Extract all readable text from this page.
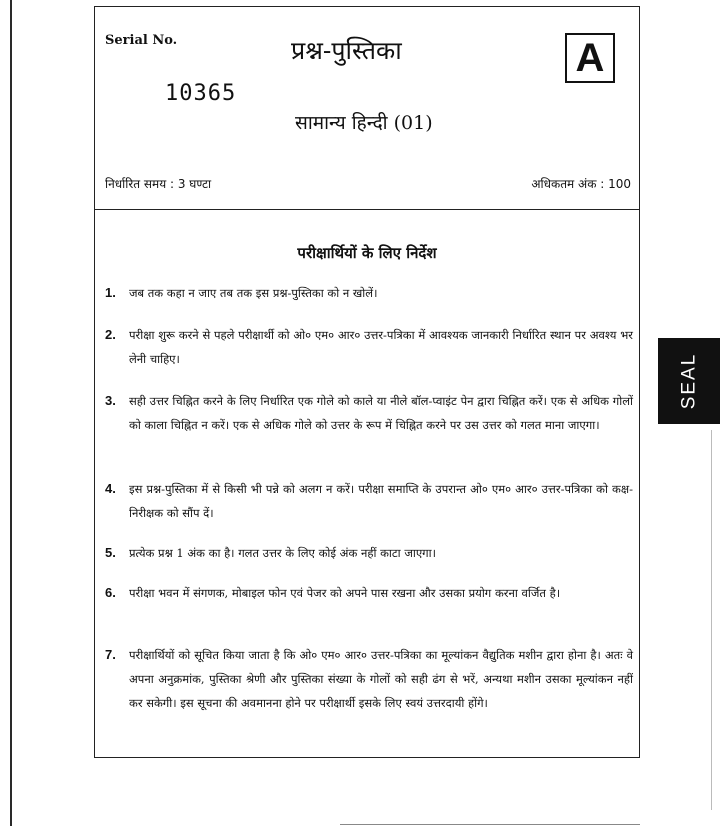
Serial No.
10365
प्रश्न-पुस्तिका	A
सामान्य हिन्दी (01)
निर्धारित समय : 3 घण्टा	अधिकतम अंक : 100
परीक्षार्थियों के लिए निर्देश
1. जब तक कहा न जाए तब तक इस प्रश्न-पुस्तिका को न खोलें।
2. परीक्षा शुरू करने से पहले परीक्षार्थी को ओ० एम० आर० उत्तर-पत्रिका में आवश्यक जानकारी निर्धारित स्थान पर अवश्य भर लेनी चाहिए।
3. सही उत्तर चिह्नित करने के लिए निर्धारित एक गोले को काले या नीले बॉल-प्वाइंट पेन द्वारा चिह्नित करें। एक से अधिक गोलों को काला चिह्नित न करें। एक से अधिक गोले को उत्तर के रूप में चिह्नित करने पर उस उत्तर को गलत माना जाएगा।
4. इस प्रश्न-पुस्तिका में से किसी भी पन्ने को अलग न करें। परीक्षा समाप्ति के उपरान्त ओ० एम० आर० उत्तर-पत्रिका को कक्ष-निरीक्षक को सौंप दें।
5. प्रत्येक प्रश्न 1 अंक का है। गलत उत्तर के लिए कोई अंक नहीं काटा जाएगा।
6. परीक्षा भवन में संगणक, मोबाइल फोन एवं पेजर को अपने पास रखना और उसका प्रयोग करना वर्जित है।
7. परीक्षार्थियों को सूचित किया जाता है कि ओ० एम० आर० उत्तर-पत्रिका का मूल्यांकन वैद्युतिक मशीन द्वारा होना है। अतः वे अपना अनुक्रमांक, पुस्तिका श्रेणी और पुस्तिका संख्या के गोलों को सही ढंग से भरें, अन्यथा मशीन उसका मूल्यांकन नहीं कर सकेगी। इस सूचना की अवमानना होने पर परीक्षार्थी इसके लिए स्वयं उत्तरदायी होंगे।
SEAL
